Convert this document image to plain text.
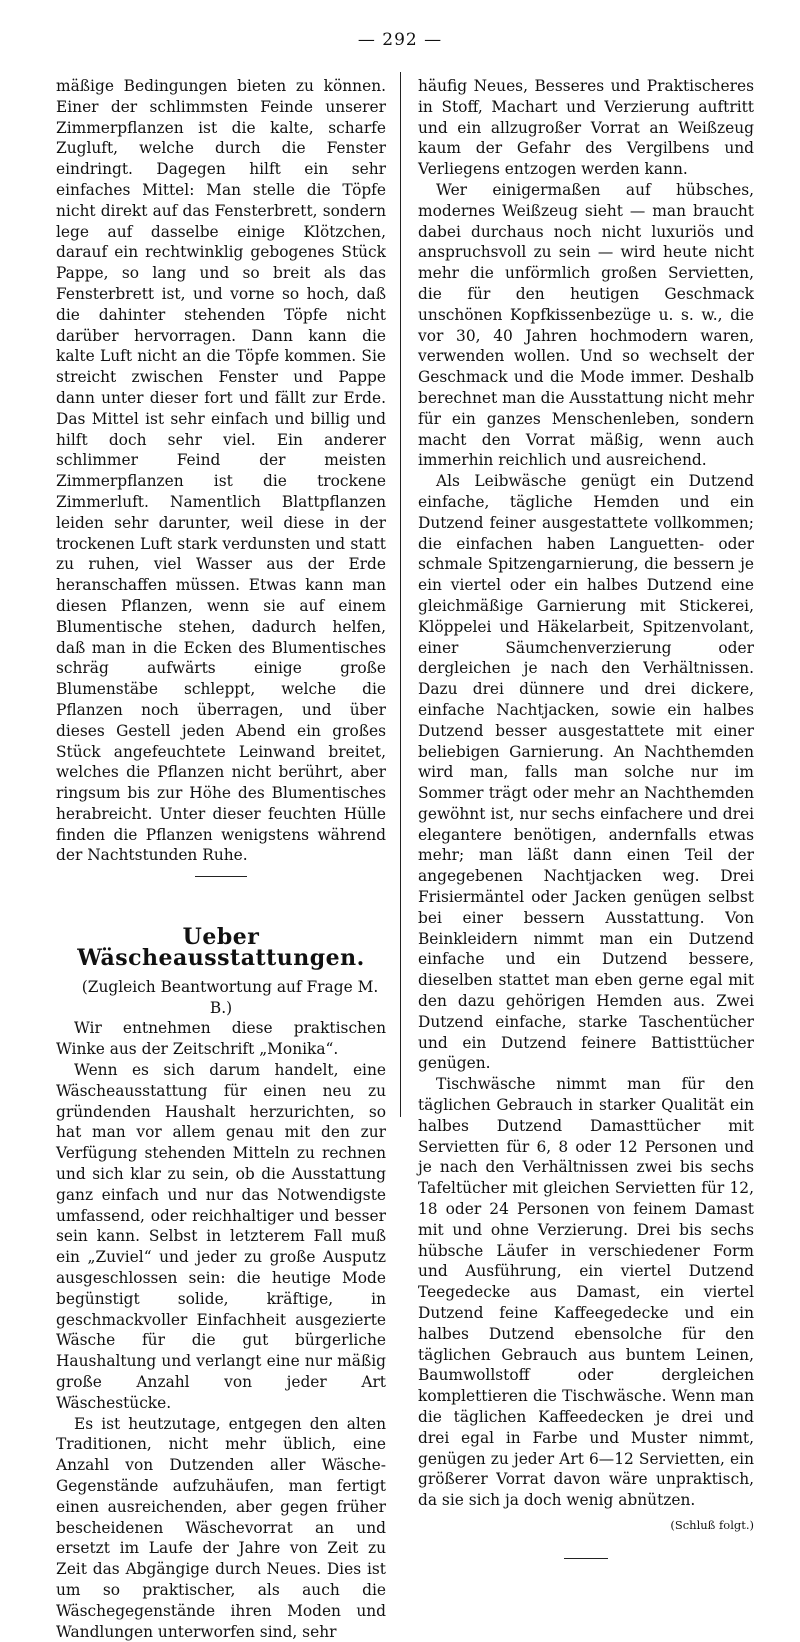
— 292 —

mäßige Bedingungen bieten zu können. Einer der schlimmsten Feinde unserer Zimmerpflanzen ist die kalte, scharfe Zugluft, welche durch die Fenster eindringt. Dagegen hilft ein sehr einfaches Mittel: Man stelle die Töpfe nicht direkt auf das Fensterbrett, sondern lege auf dasselbe einige Klötzchen, darauf ein rechtwinklig gebogenes Stück Pappe, so lang und so breit als das Fensterbrett ist, und vorne so hoch, daß die dahinter stehenden Töpfe nicht darüber hervorragen. Dann kann die kalte Luft nicht an die Töpfe kommen. Sie streicht zwischen Fenster und Pappe dann unter dieser fort und fällt zur Erde. Das Mittel ist sehr einfach und billig und hilft doch sehr viel. Ein anderer schlimmer Feind der meisten Zimmerpflanzen ist die trockene Zimmerluft. Namentlich Blattpflanzen leiden sehr darunter, weil diese in der trockenen Luft stark verdunsten und statt zu ruhen, viel Wasser aus der Erde heranschaffen müssen. Etwas kann man diesen Pflanzen, wenn sie auf einem Blumentische stehen, dadurch helfen, daß man in die Ecken des Blumentisches schräg aufwärts einige große Blumenstäbe schleppt, welche die Pflanzen noch überragen, und über dieses Gestell jeden Abend ein großes Stück angefeuchtete Leinwand breitet, welches die Pflanzen nicht berührt, aber ringsum bis zur Höhe des Blumentisches herabreicht. Unter dieser feuchten Hülle finden die Pflanzen wenigstens während der Nachtstunden Ruhe.

Ueber Wäscheausstattungen.

(Zugleich Beantwortung auf Frage M. B.)

Wir entnehmen diese praktischen Winke aus der Zeitschrift „Monika“.

Wenn es sich darum handelt, eine Wäscheausstattung für einen neu zu gründenden Haushalt herzurichten, so hat man vor allem genau mit den zur Verfügung stehenden Mitteln zu rechnen und sich klar zu sein, ob die Ausstattung ganz einfach und nur das Notwendigste umfassend, oder reichhaltiger und besser sein kann. Selbst in letzterem Fall muß ein „Zuviel“ und jeder zu große Ausputz ausgeschlossen sein: die heutige Mode begünstigt solide, kräftige, in geschmackvoller Einfachheit ausgezierte Wäsche für die gut bürgerliche Haushaltung und verlangt eine nur mäßig große Anzahl von jeder Art Wäschestücke.

Es ist heutzutage, entgegen den alten Traditionen, nicht mehr üblich, eine Anzahl von Dutzenden aller Wäsche-Gegenstände aufzuhäufen, man fertigt einen ausreichenden, aber gegen früher bescheidenen Wäschevorrat an und ersetzt im Laufe der Jahre von Zeit zu Zeit das Abgängige durch Neues. Dies ist um so praktischer, als auch die Wäschegegenstände ihren Moden und Wandlungen unterworfen sind, sehr

häufig Neues, Besseres und Praktischeres in Stoff, Machart und Verzierung auftritt und ein allzugroßer Vorrat an Weißzeug kaum der Gefahr des Vergilbens und Verliegens entzogen werden kann.

Wer einigermaßen auf hübsches, modernes Weißzeug sieht — man braucht dabei durchaus noch nicht luxuriös und anspruchsvoll zu sein — wird heute nicht mehr die unförmlich großen Servietten, die für den heutigen Geschmack unschönen Kopfkissenbezüge u. s. w., die vor 30, 40 Jahren hochmodern waren, verwenden wollen. Und so wechselt der Geschmack und die Mode immer. Deshalb berechnet man die Ausstattung nicht mehr für ein ganzes Menschenleben, sondern macht den Vorrat mäßig, wenn auch immerhin reichlich und ausreichend.

Als Leibwäsche genügt ein Dutzend einfache, tägliche Hemden und ein Dutzend feiner ausgestattete vollkommen; die einfachen haben Languetten- oder schmale Spitzengarnierung, die bessern je ein viertel oder ein halbes Dutzend eine gleichmäßige Garnierung mit Stickerei, Klöppelei und Häkelarbeit, Spitzenvolant, einer Säumchenverzierung oder dergleichen je nach den Verhältnissen. Dazu drei dünnere und drei dickere, einfache Nachtjacken, sowie ein halbes Dutzend besser ausgestattete mit einer beliebigen Garnierung. An Nachthemden wird man, falls man solche nur im Sommer trägt oder mehr an Nachthemden gewöhnt ist, nur sechs einfachere und drei elegantere benötigen, andernfalls etwas mehr; man läßt dann einen Teil der angegebenen Nachtjacken weg. Drei Frisiermäntel oder Jacken genügen selbst bei einer bessern Ausstattung. Von Beinkleidern nimmt man ein Dutzend einfache und ein Dutzend bessere, dieselben stattet man eben gerne egal mit den dazu gehörigen Hemden aus. Zwei Dutzend einfache, starke Taschentücher und ein Dutzend feinere Battisttücher genügen.

Tischwäsche nimmt man für den täglichen Gebrauch in starker Qualität ein halbes Dutzend Damasttücher mit Servietten für 6, 8 oder 12 Personen und je nach den Verhältnissen zwei bis sechs Tafeltücher mit gleichen Servietten für 12, 18 oder 24 Personen von feinem Damast mit und ohne Verzierung. Drei bis sechs hübsche Läufer in verschiedener Form und Ausführung, ein viertel Dutzend Teegedecke aus Damast, ein viertel Dutzend feine Kaffeegedecke und ein halbes Dutzend ebensolche für den täglichen Gebrauch aus buntem Leinen, Baumwollstoff oder dergleichen komplettieren die Tischwäsche. Wenn man die täglichen Kaffeedecken je drei und drei egal in Farbe und Muster nimmt, genügen zu jeder Art 6—12 Servietten, ein größerer Vorrat davon wäre unpraktisch, da sie sich ja doch wenig abnützen.

(Schluß folgt.)
